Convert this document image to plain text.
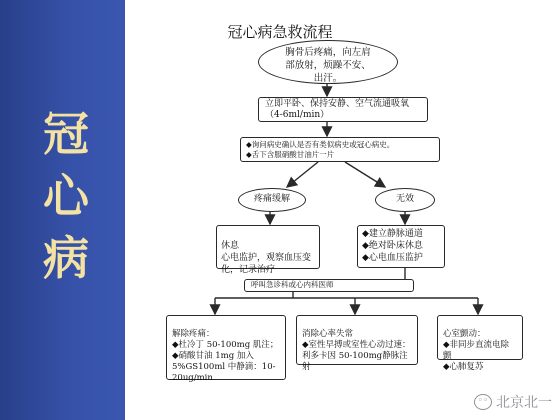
冠
心
病
冠心病急救流程

胸骨后疼痛，向左肩部放射，烦躁不安、出汗。

立即平卧、保持安静、空气流通吸氧（4-6ml/min）

◆询问病史确认是否有类似病史或冠心病史。

◆舌下含服硝酸甘油片一片

疼痛缓解	无效

休息
心电监护，观察血压变化，记录治疗

◆建立静脉通道

◆绝对卧床休息

◆心电血压监护

呼叫急诊科或心内科医师

解除疼痛：
◆杜冷丁 50-100mg 肌注；
◆硝酸甘油 1mg 加入5%GS100ml 中静滴：10-20ug/min

消除心率失常
◆室性早搏或室性心动过速：利多卡因 50-100mg静脉注射

心室颤动：
◆非同步直流电除颤
◆心肺复苏

◦◦ 北京北一
